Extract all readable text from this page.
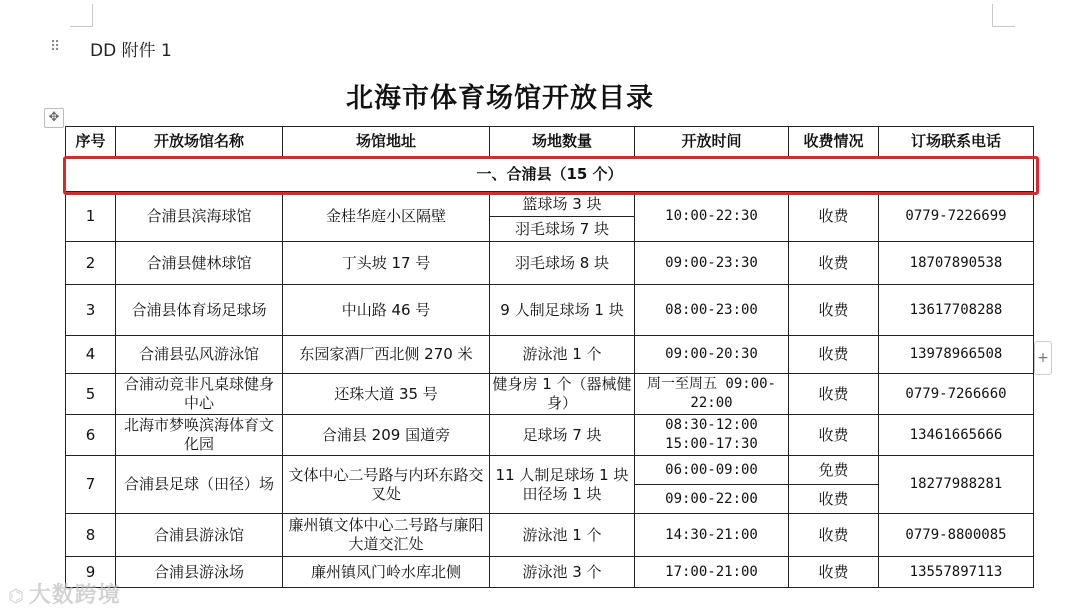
⠿ DD 附件 1
北海市体育场馆开放目录
✥
序号	开放场馆名称	场馆地址	场地数量	开放时间	收费情况	订场联系电话
一、合浦县（15 个）						
1	合浦县滨海球馆	金桂华庭小区隔壁	篮球场 3 块	10:00-22:30	收费	0779-7226699
			羽毛球场 7 块			
2	合浦县健林球馆	丁头坡 17 号	羽毛球场 8 块	09:00-23:30	收费	18707890538
3	合浦县体育场足球场	中山路 46 号	9 人制足球场 1 块	08:00-23:00	收费	13617708288
4	合浦县弘风游泳馆	东园家酒厂西北侧 270 米	游泳池 1 个	09:00-20:30	收费	13978966508
5	合浦动竞非凡桌球健身中心	还珠大道 35 号	健身房 1 个（器械健身）	周一至周五 09:00-22:00	收费	0779-7266660
6	北海市梦唤滨海体育文化园	合浦县 209 国道旁	足球场 7 块	08:30-12:00 15:00-17:30	收费	13461665666
7	合浦县足球（田径）场	文体中心二号路与内环东路交叉处	11 人制足球场 1 块 田径场 1 块	06:00-09:00	免费	18277988281
				09:00-22:00	收费	
8	合浦县游泳馆	廉州镇文体中心二号路与廉阳大道交汇处	游泳池 1 个	14:30-21:00	收费	0779-8800085
9	合浦县游泳场	廉州镇风门岭水库北侧	游泳池 3 个	17:00-21:00	收费	13557897113
+
⌬ 大数跨境
